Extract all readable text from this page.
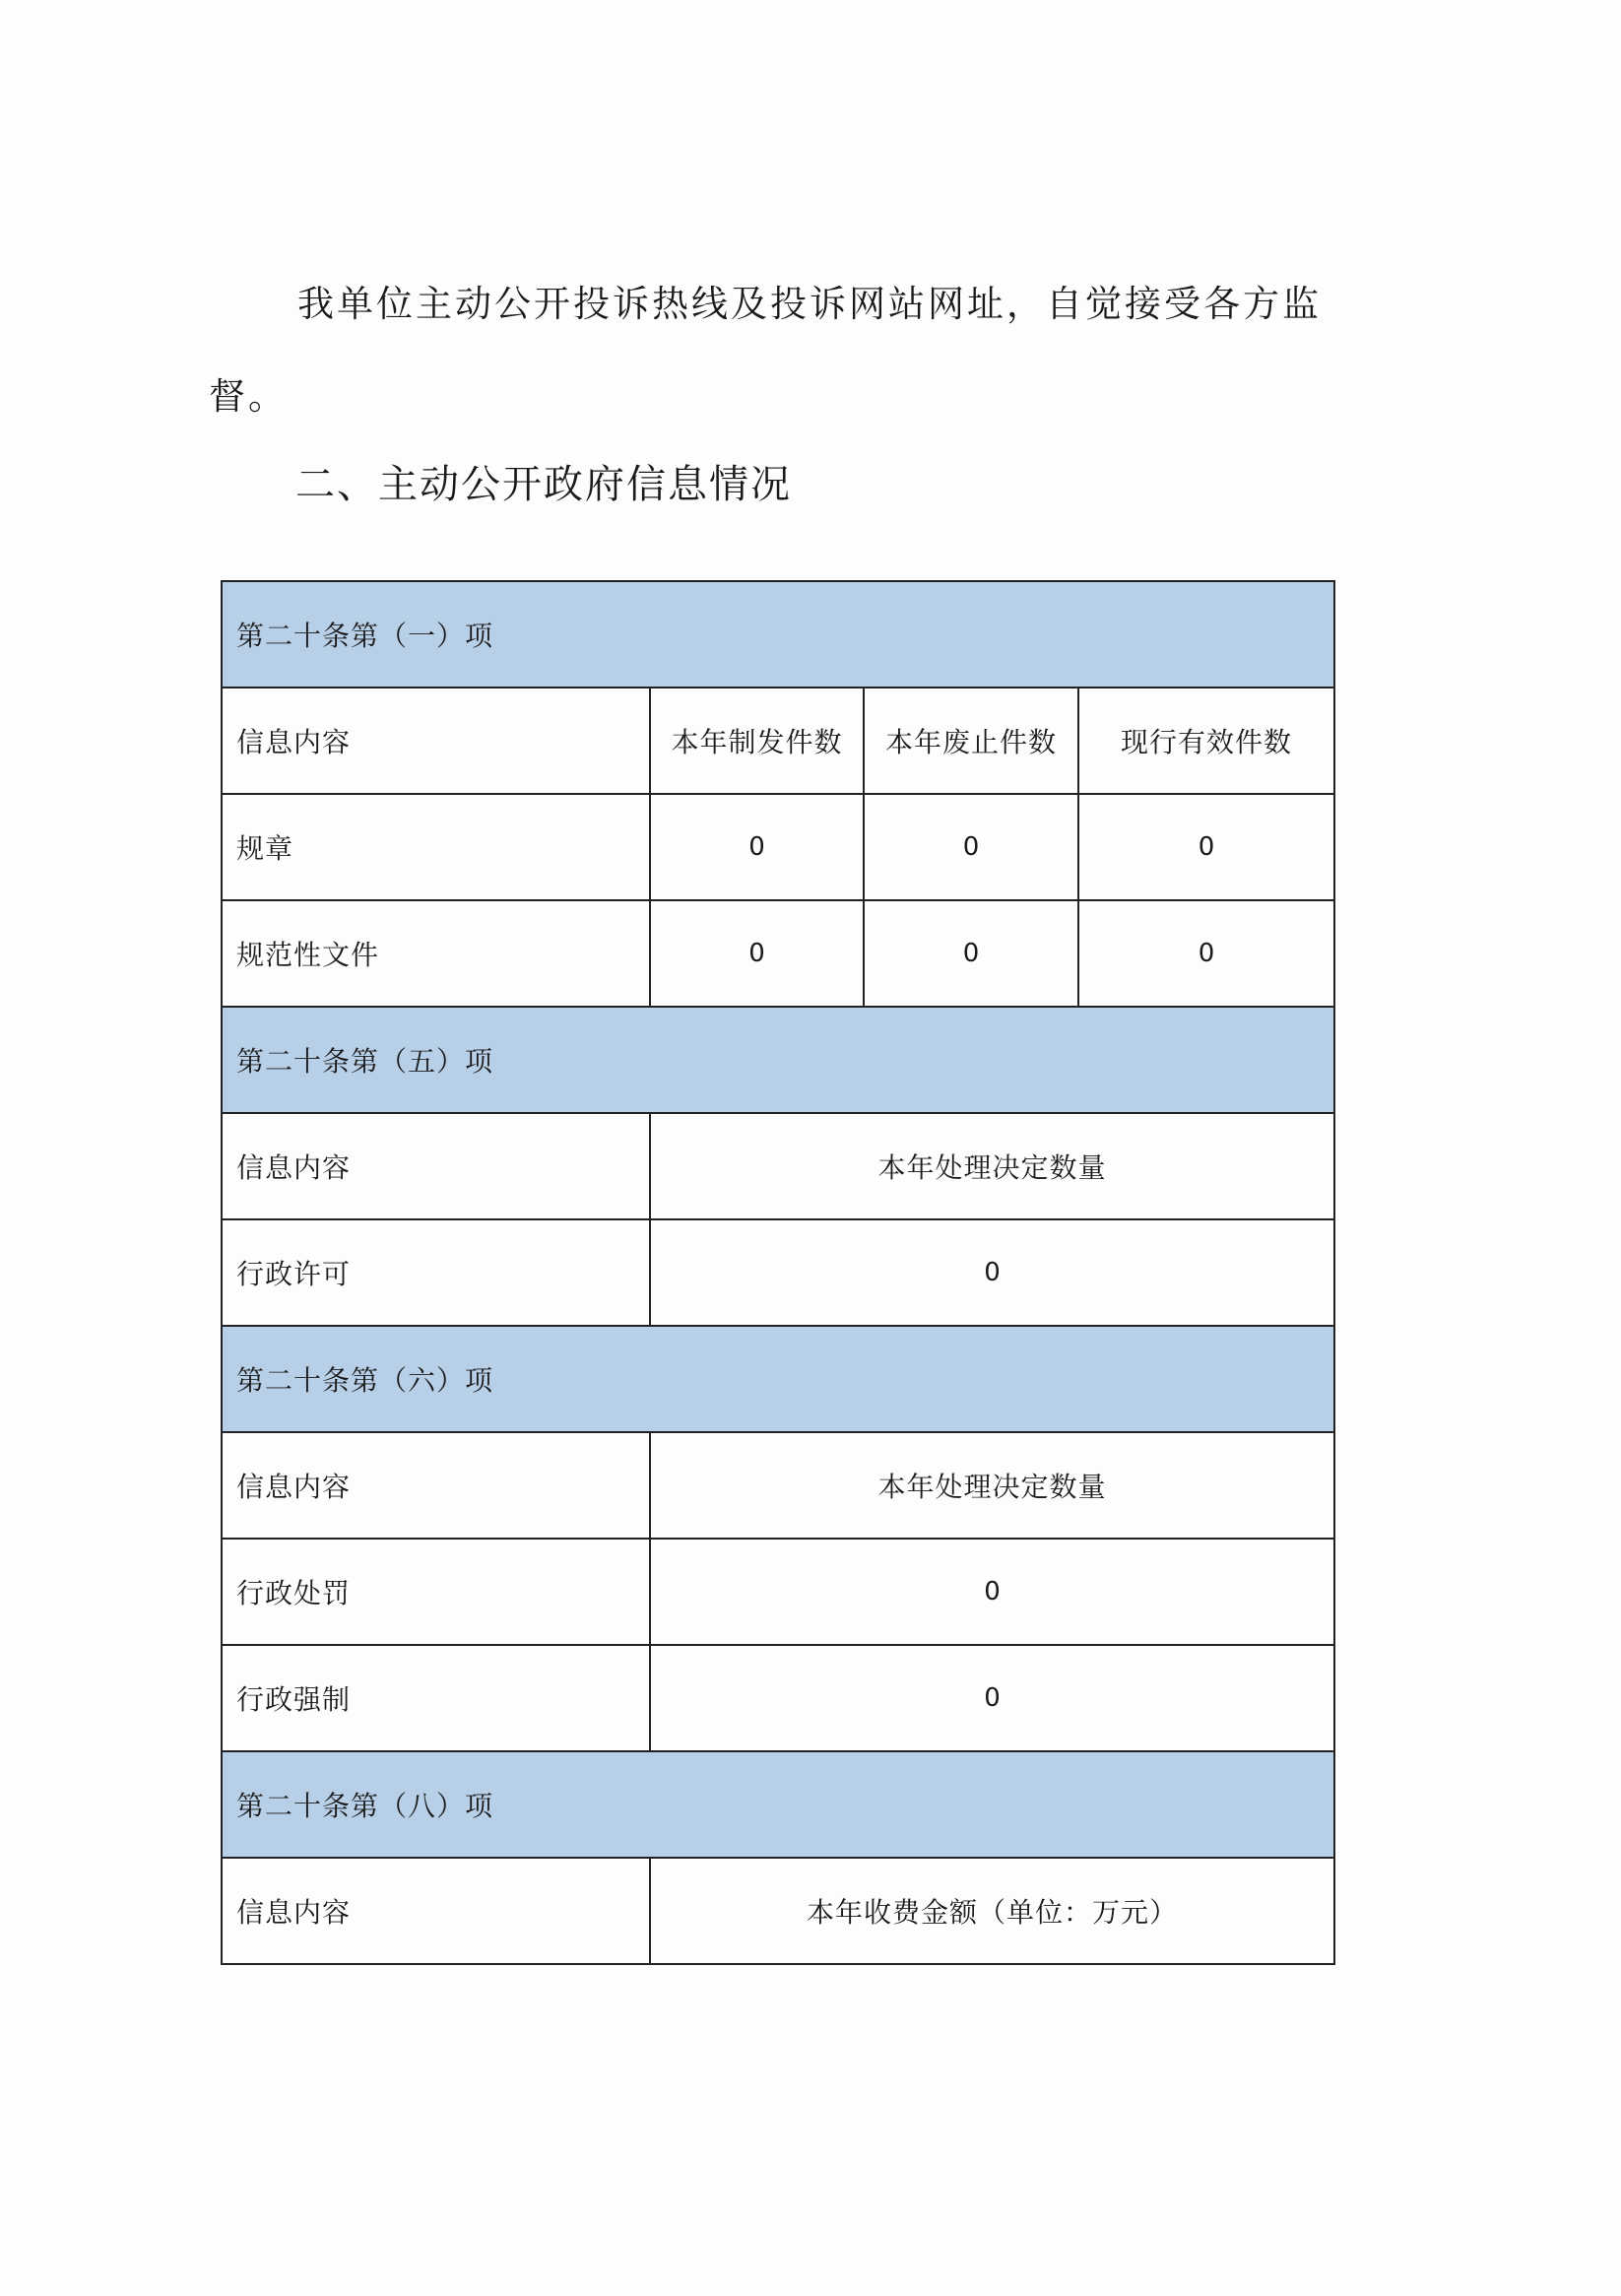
我单位主动公开投诉热线及投诉网站网址，自觉接受各方监
督。
二、主动公开政府信息情况
第二十条第（一）项			
信息内容	本年制发件数	本年废止件数	现行有效件数
规章	0	0	0
规范性文件	0	0	0
第二十条第（五）项			
信息内容	本年处理决定数量		
行政许可	0		
第二十条第（六）项			
信息内容	本年处理决定数量		
行政处罚	0		
行政强制	0		
第二十条第（八）项			
信息内容	本年收费金额（单位：万元）		
